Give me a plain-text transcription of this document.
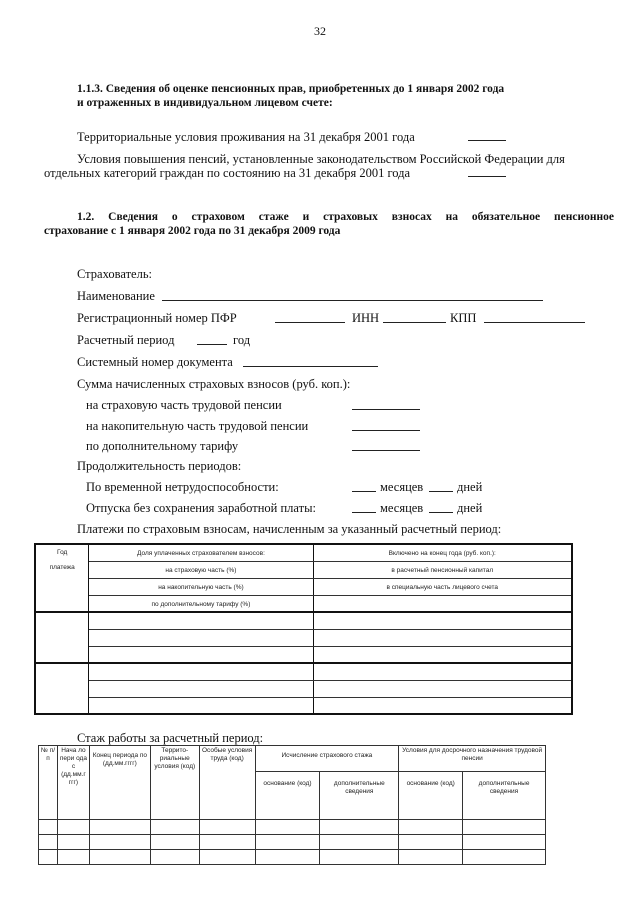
32
1.1.3. Сведения об оценке пенсионных прав, приобретенных до 1 января 2002 года
и отраженных в индивидуальном лицевом счете:
Территориальные условия проживания на 31 декабря 2001 года
Условия повышения пенсий, установленные законодательством Российской Федерации для
отдельных категорий граждан по состоянию на 31 декабря 2001 года
1.2. Сведения о страховом стаже и страховых взносах на обязательное пенсионное
страхование с 1 января 2002 года по 31 декабря 2009 года
Страхователь:
Наименование
Регистрационный номер ПФР	ИНН	КПП
Расчетный период	год
Системный номер документа
Сумма начисленных страховых взносов (руб. коп.):
на страховую часть трудовой пенсии
на накопительную часть трудовой пенсии
по дополнительному тарифу
Продолжительность периодов:
По временной нетрудоспособности:	месяцев	дней
Отпуска без сохранения заработной платы:	месяцев	дней
Платежи по страховым взносам, начисленным за указанный расчетный период:
Год
платежа	Доля уплаченных страхователем взносов:	Включено на конец года (руб. коп.):
	на страховую часть (%)	в расчетный пенсионный капитал
	на накопительную часть (%)	в специальную часть лицевого счета
	по дополнительному тарифу (%)	

Стаж работы за расчетный период:
№ п/п	Нача ло пери ода с (дд.мм.г ггг)	Конец периода по (дд.мм.гггг)	Террито- риальные условия (код)	Особые условия труда (код)	Исчисление страхового стажа		Условия для досрочного назначения трудовой пенсии	
					основание (код)	дополнительные сведения	основание (код)	дополнительные сведения
